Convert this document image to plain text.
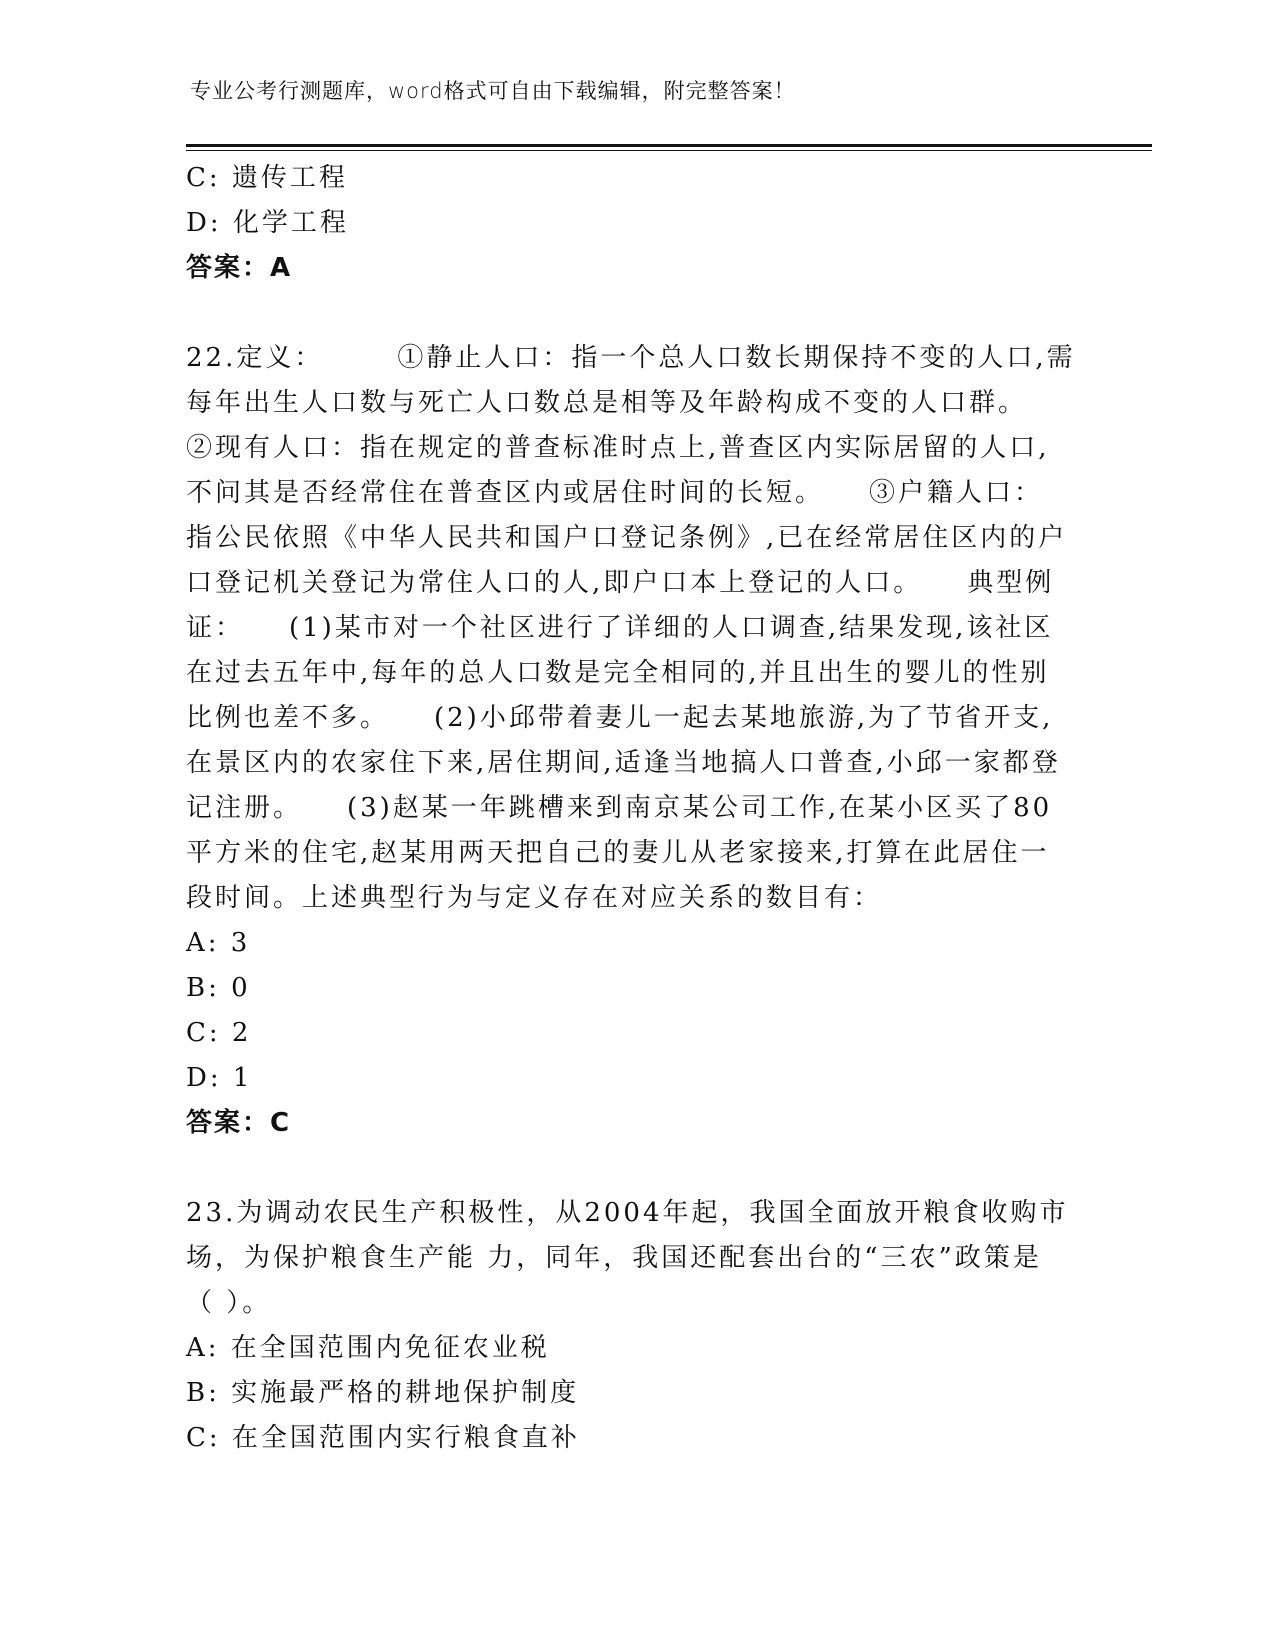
专业公考行测题库，word格式可自由下载编辑，附完整答案！
C: 遗传工程
D: 化学工程
答案：A
22.定义：　　　①静止人口：指一个总人口数长期保持不变的人口,需
每年出生人口数与死亡人口数总是相等及年龄构成不变的人口群。
②现有人口：指在规定的普查标准时点上,普查区内实际居留的人口,
不问其是否经常住在普查区内或居住时间的长短。　　③户籍人口：
指公民依照《中华人民共和国户口登记条例》,已在经常居住区内的户
口登记机关登记为常住人口的人,即户口本上登记的人口。　　典型例
证：　　(1)某市对一个社区进行了详细的人口调查,结果发现,该社区
在过去五年中,每年的总人口数是完全相同的,并且出生的婴儿的性别
比例也差不多。　　(2)小邱带着妻儿一起去某地旅游,为了节省开支,
在景区内的农家住下来,居住期间,适逢当地搞人口普查,小邱一家都登
记注册。　　(3)赵某一年跳槽来到南京某公司工作,在某小区买了80
平方米的住宅,赵某用两天把自己的妻儿从老家接来,打算在此居住一
段时间。上述典型行为与定义存在对应关系的数目有：
A: 3
B: 0
C: 2
D: 1
答案：C
23.为调动农民生产积极性，从2004年起，我国全面放开粮食收购市
场，为保护粮食生产能 力，同年，我国还配套出台的“三农”政策是
（ ）。
A: 在全国范围内免征农业税
B: 实施最严格的耕地保护制度
C: 在全国范围内实行粮食直补
